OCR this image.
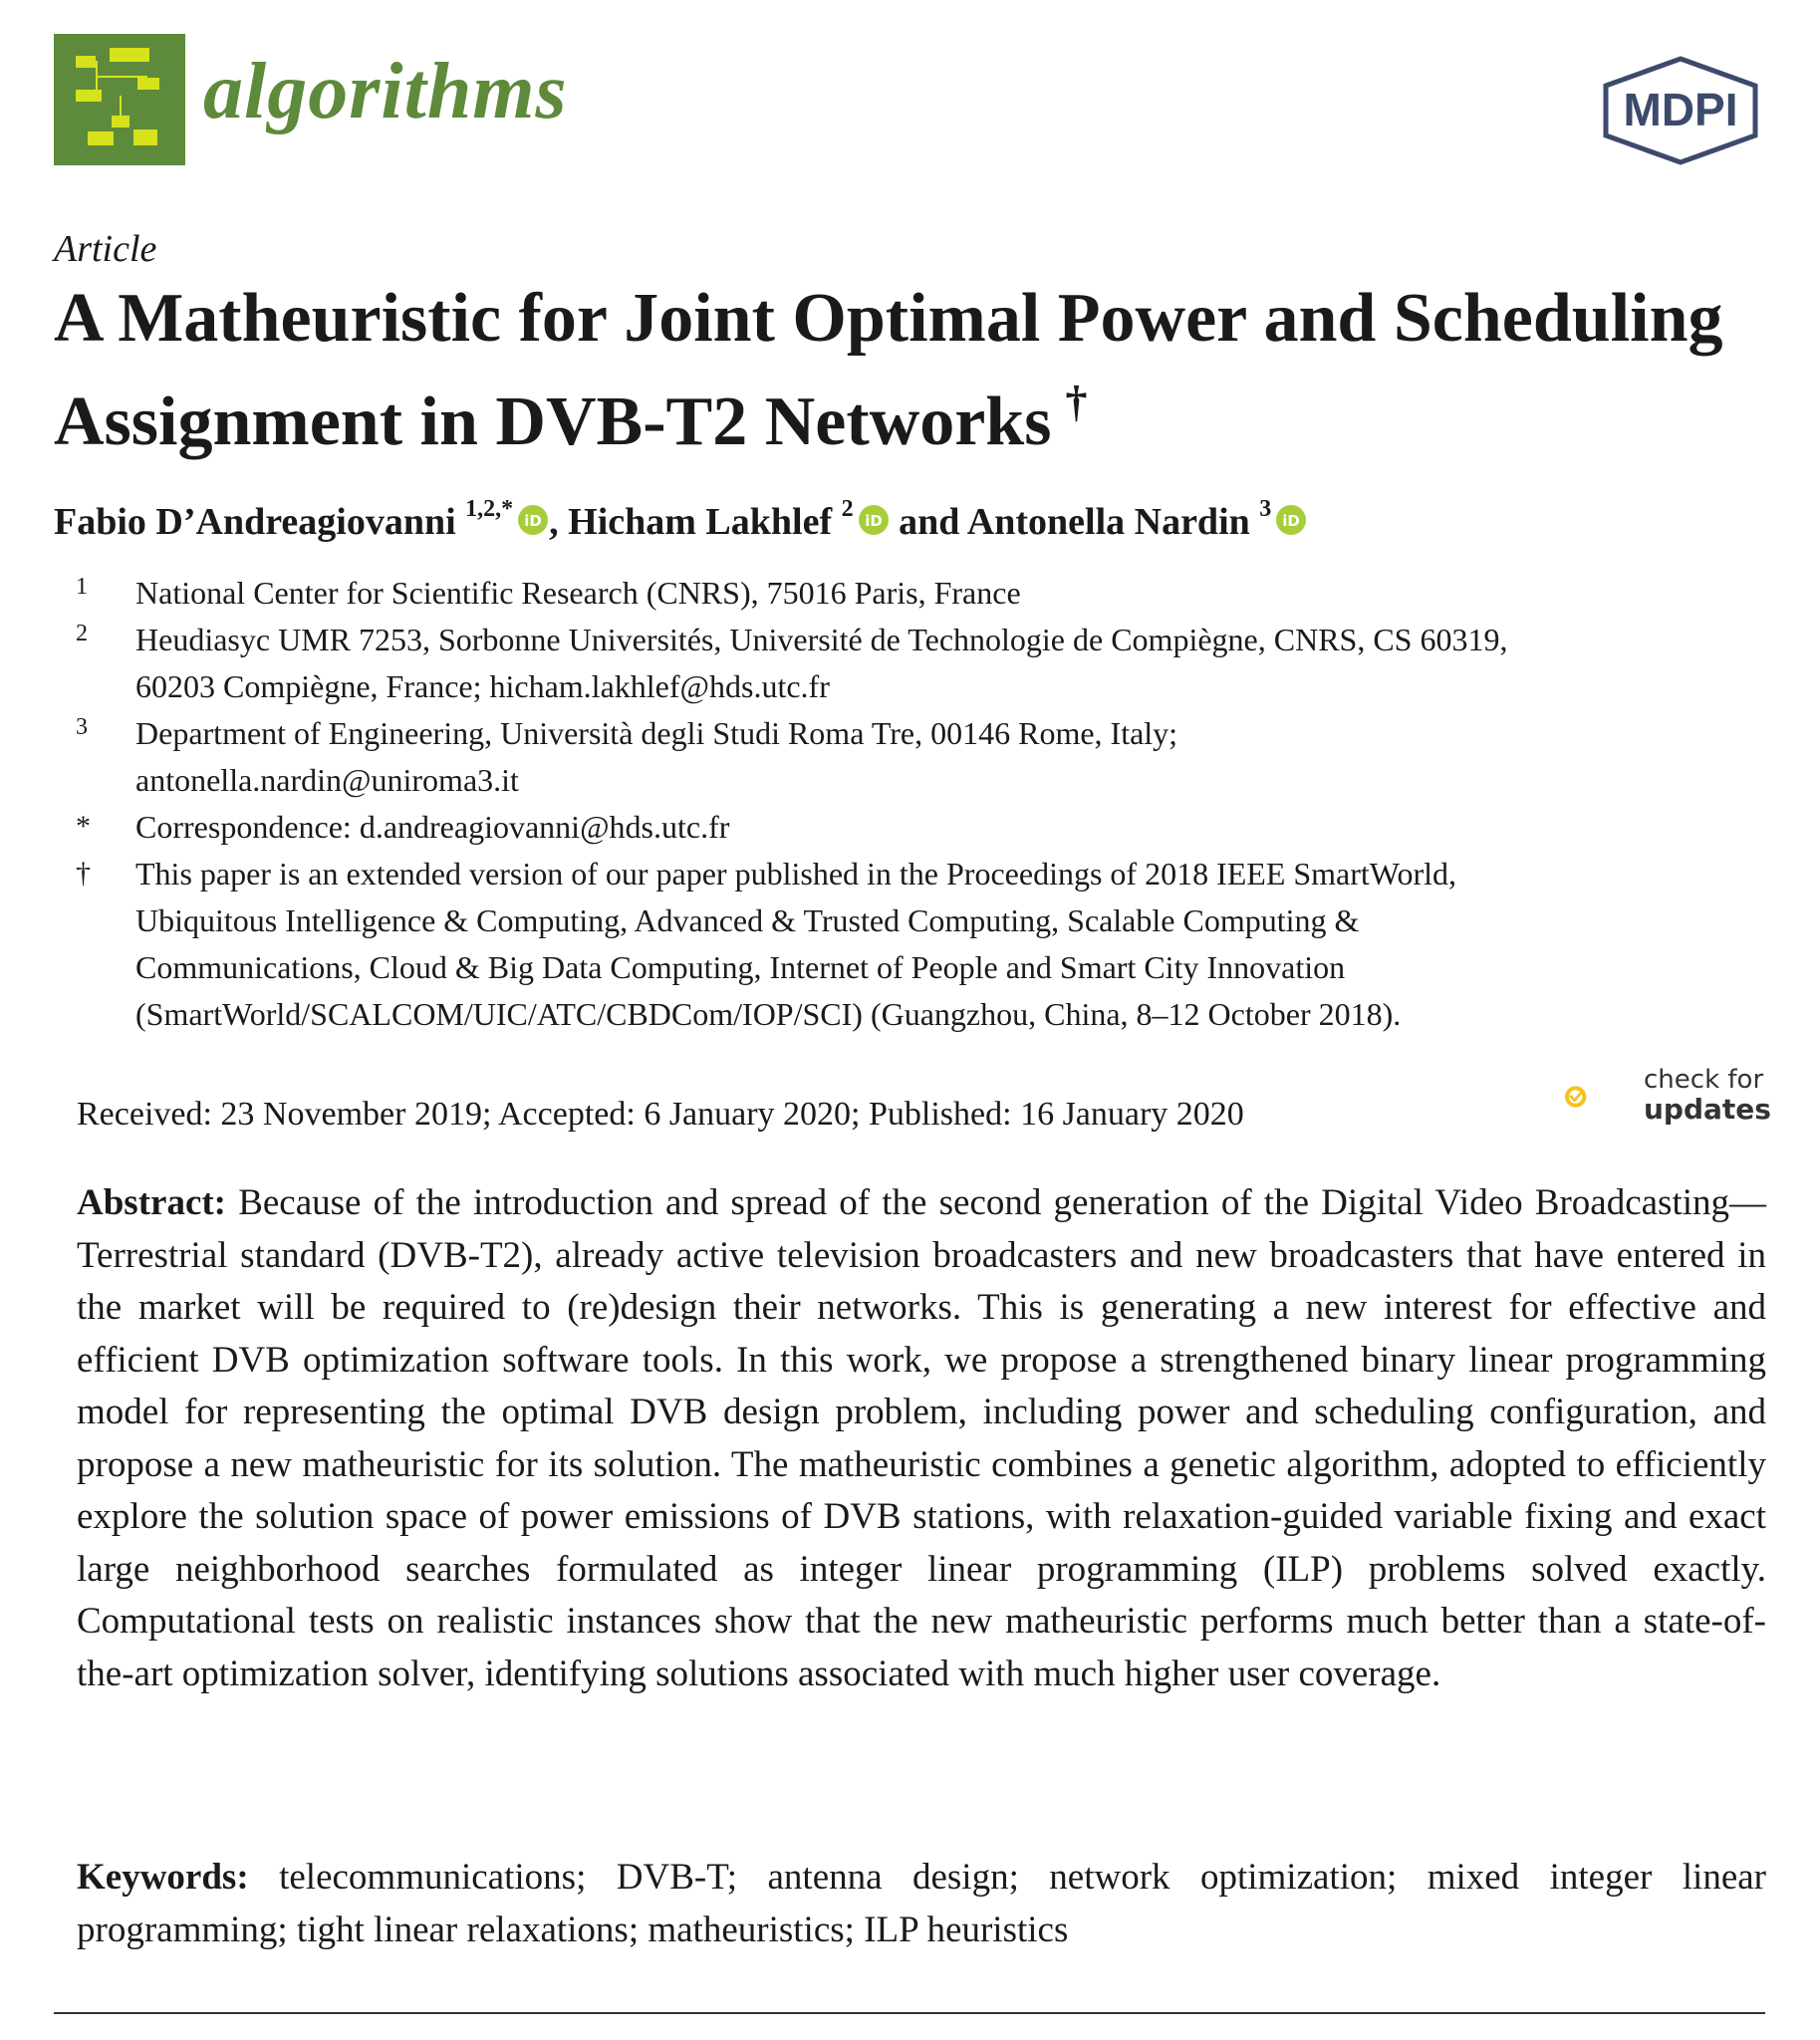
algorithms	MDPI
Article
A Matheuristic for Joint Optimal Power and Scheduling Assignment in DVB-T2 Networks †
Fabio D’Andreagiovanni $^{1,2,*}$ iD , Hicham Lakhlef $^2$ iD and Antonella Nardin $^3$ iD
1 National Center for Scientific Research (CNRS), 75016 Paris, France
2 Heudiasyc UMR 7253, Sorbonne Universités, Université de Technologie de Compiègne, CNRS, CS 60319,
60203 Compiègne, France; hicham.lakhlef@hds.utc.fr
3 Department of Engineering, Università degli Studi Roma Tre, 00146 Rome, Italy;
antonella.nardin@uniroma3.it
* Correspondence: d.andreagiovanni@hds.utc.fr
† This paper is an extended version of our paper published in the Proceedings of 2018 IEEE SmartWorld,
Ubiquitous Intelligence & Computing, Advanced & Trusted Computing, Scalable Computing &
Communications, Cloud & Big Data Computing, Internet of People and Smart City Innovation
(SmartWorld/SCALCOM/UIC/ATC/CBDCom/IOP/SCI) (Guangzhou, China, 8–12 October 2018).
Received: 23 November 2019; Accepted: 6 January 2020; Published: 16 January 2020
check for
updates

Abstract: Because of the introduction and spread of the second generation of the Digital Video Broadcasting—Terrestrial standard (DVB-T2), already active television broadcasters and new broadcasters that have entered in the market will be required to (re)design their networks. This is generating a new interest for effective and efficient DVB optimization software tools. In this work, we propose a strengthened binary linear programming model for representing the optimal DVB design problem, including power and scheduling configuration, and propose a new matheuristic for its solution. The matheuristic combines a genetic algorithm, adopted to efficiently explore the solution space of power emissions of DVB stations, with relaxation-guided variable fixing and exact large neighborhood searches formulated as integer linear programming (ILP) problems solved exactly. Computational tests on realistic instances show that the new matheuristic performs much better than a state-of-the-art optimization solver, identifying solutions associated with much higher user coverage.

Keywords: telecommunications; DVB-T; antenna design; network optimization; mixed integer linear programming; tight linear relaxations; matheuristics; ILP heuristics
